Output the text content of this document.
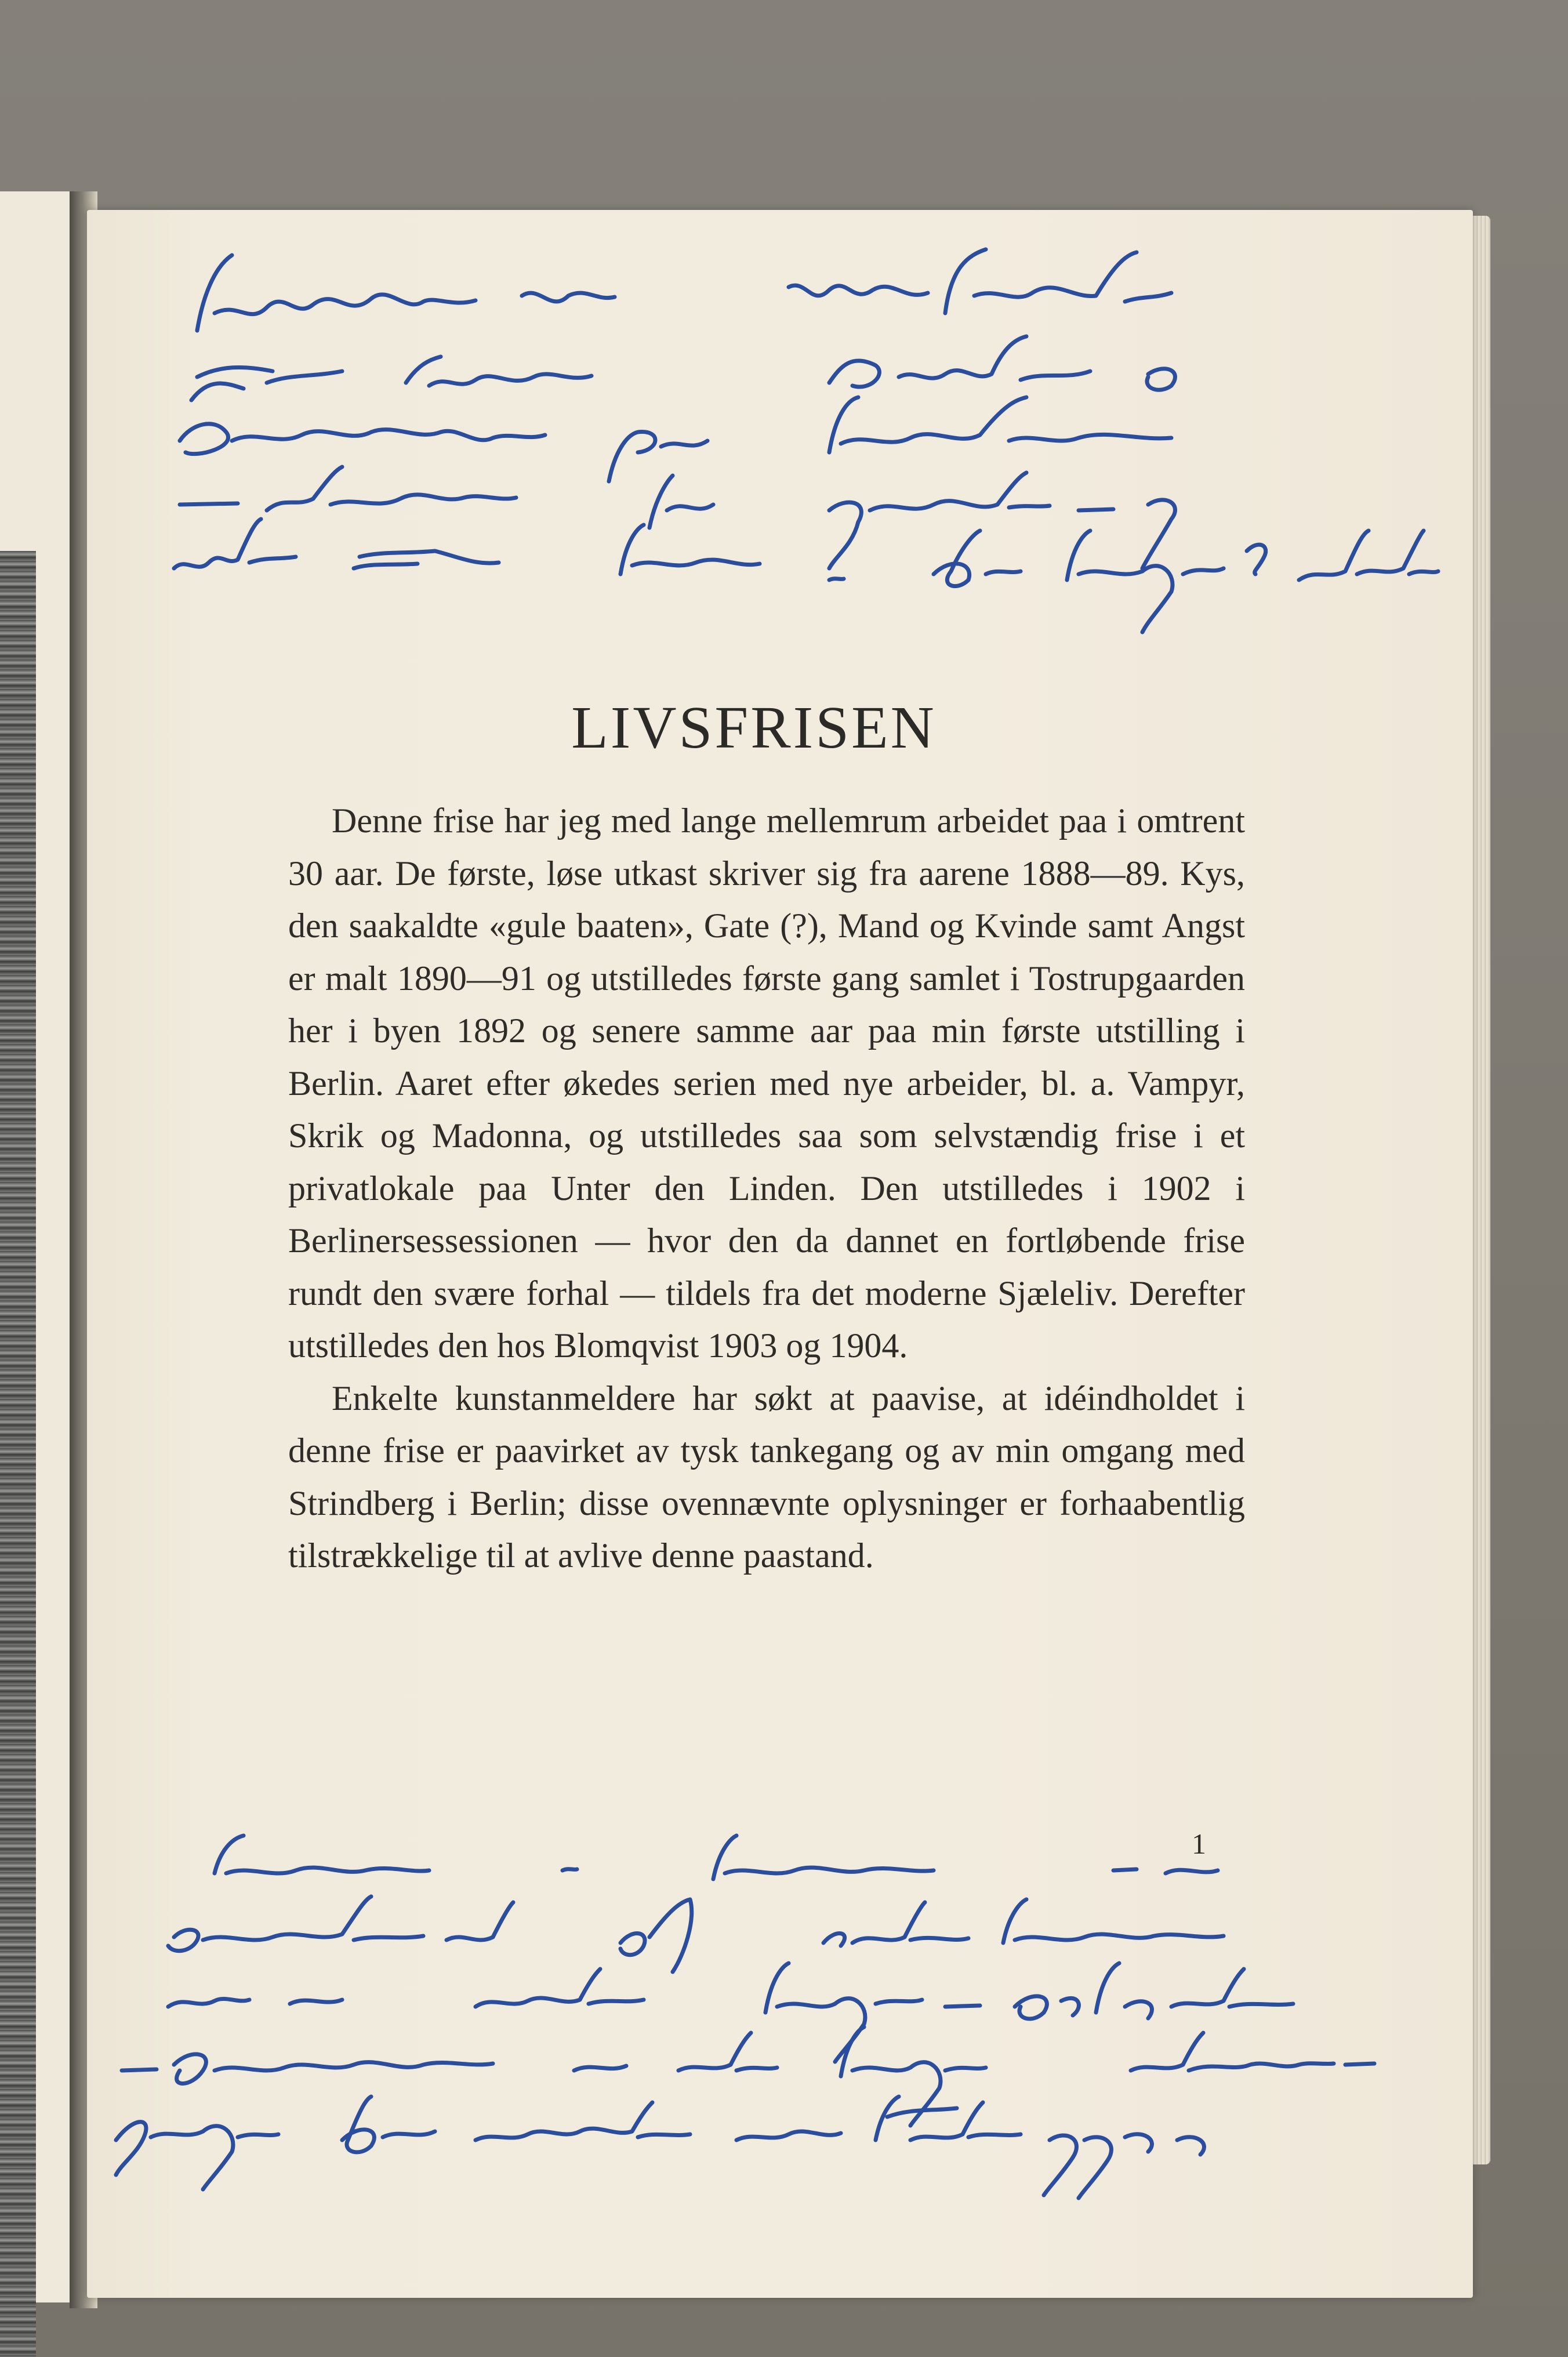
LIVSFRISEN

Denne frise har jeg med lange mellemrum arbeidet paa i omtrent 30 aar. De første, løse utkast skriver sig fra aarene 1888—89. Kys, den saakaldte «gule baaten», Gate (?), Mand og Kvinde samt Angst er malt 1890—91 og utstilledes første gang samlet i Tostrupgaarden her i byen 1892 og senere samme aar paa min første utstilling i Berlin. Aaret efter økedes serien med nye arbeider, bl. a. Vampyr, Skrik og Madonna, og utstilledes saa som selvstændig frise i et privatlokale paa Unter den Linden. Den utstilledes i 1902 i Berlinersessessionen — hvor den da dannet en fortløbende frise rundt den svære forhal — tildels fra det moderne Sjæleliv. Derefter utstilledes den hos Blomqvist 1903 og 1904.

Enkelte kunstanmeldere har søkt at paavise, at idéindholdet i denne frise er paavirket av tysk tankegang og av min omgang med Strindberg i Berlin; disse ovennævnte oplysninger er forhaabentlig tilstrækkelige til at avlive denne paastand.

1
